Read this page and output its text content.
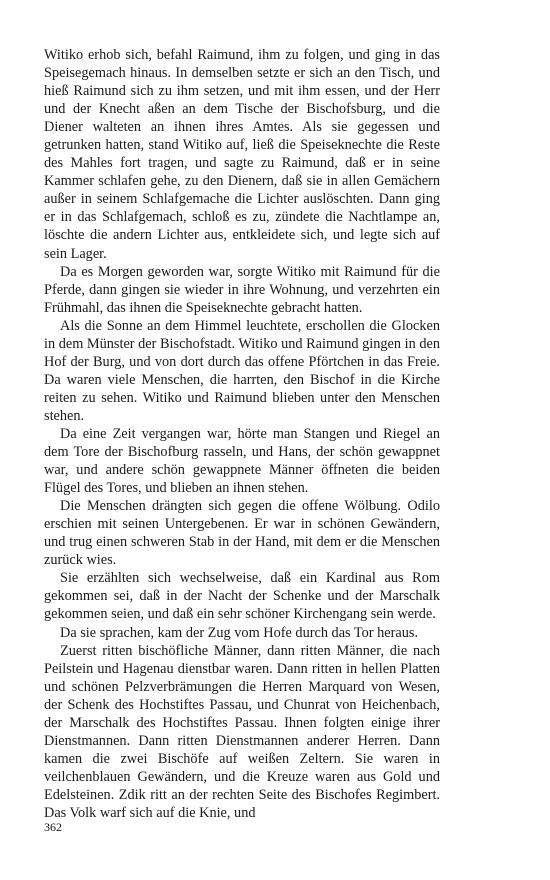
Witiko erhob sich, befahl Raimund, ihm zu folgen, und ging in das Speisegemach hinaus. In demselben setzte er sich an den Tisch, und hieß Raimund sich zu ihm setzen, und mit ihm essen, und der Herr und der Knecht aßen an dem Tische der Bischofsburg, und die Diener walteten an ihnen ihres Amtes. Als sie gegessen und getrunken hatten, stand Witiko auf, ließ die Speiseknechte die Reste des Mahles fort tragen, und sagte zu Raimund, daß er in seine Kammer schlafen gehe, zu den Dienern, daß sie in allen Gemächern außer in seinem Schlafgemache die Lichter auslöschten. Dann ging er in das Schlafgemach, schloß es zu, zündete die Nachtlampe an, löschte die andern Lichter aus, entkleidete sich, und legte sich auf sein Lager.

Da es Morgen geworden war, sorgte Witiko mit Raimund für die Pferde, dann gingen sie wieder in ihre Wohnung, und verzehrten ein Frühmahl, das ihnen die Speiseknechte gebracht hatten.

Als die Sonne an dem Himmel leuchtete, erschollen die Glocken in dem Münster der Bischofstadt. Witiko und Raimund gingen in den Hof der Burg, und von dort durch das offene Pförtchen in das Freie. Da waren viele Menschen, die harrten, den Bischof in die Kirche reiten zu sehen. Witiko und Raimund blieben unter den Menschen stehen.

Da eine Zeit vergangen war, hörte man Stangen und Riegel an dem Tore der Bischofburg rasseln, und Hans, der schön gewappnet war, und andere schön gewappnete Männer öffneten die beiden Flügel des Tores, und blieben an ihnen stehen.

Die Menschen drängten sich gegen die offene Wölbung. Odilo erschien mit seinen Untergebenen. Er war in schönen Gewändern, und trug einen schweren Stab in der Hand, mit dem er die Menschen zurück wies.

Sie erzählten sich wechselweise, daß ein Kardinal aus Rom gekommen sei, daß in der Nacht der Schenke und der Marschalk gekommen seien, und daß ein sehr schöner Kirchengang sein werde.

Da sie sprachen, kam der Zug vom Hofe durch das Tor heraus.

Zuerst ritten bischöfliche Männer, dann ritten Männer, die nach Peilstein und Hagenau dienstbar waren. Dann ritten in hellen Platten und schönen Pelzverbrämungen die Herren Marquard von Wesen, der Schenk des Hochstiftes Passau, und Chunrat von Heichenbach, der Marschalk des Hochstiftes Passau. Ihnen folgten einige ihrer Dienstmannen. Dann ritten Dienstmannen anderer Herren. Dann kamen die zwei Bischöfe auf weißen Zeltern. Sie waren in veilchenblauen Gewändern, und die Kreuze waren aus Gold und Edelsteinen. Zdik ritt an der rechten Seite des Bischofes Regimbert. Das Volk warf sich auf die Knie, und

362
